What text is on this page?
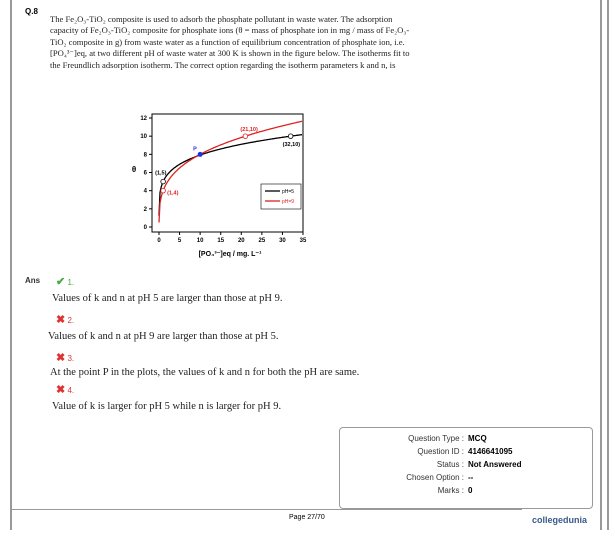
Q.8
The Fe₂O₃-TiO₂ composite is used to adsorb the phosphate pollutant in waste water. The adsorption capacity of Fe₂O₃-TiO₂ composite for phosphate ions (θ = mass of phosphate ion in mg / mass of Fe₂O₃-TiO₂ composite in g) from waste water as a function of equilibrium concentration of phosphate ion, i.e. [PO₄³⁻]eq, at two different pH of waste water at 300 K is shown in the figure below. The isotherms fit to the Freundlich adsorption isotherm. The correct option regarding the isotherm parameters k and n, is
0	5	10 15 20 25 30 35
0
2
4
6
8
10
12
θ
[PO₄³⁻]eq / mg. L⁻¹
pH=5
pH=9
(1,5)
(32,10)
(1,4)
(21,10)
P
Ans ✔ 1.
Values of k and n at pH 5 are larger than those at pH 9.
✖ 2.
Values of k and n at pH 9 are larger than those at pH 5.
✖ 3.
At the point P in the plots, the values of k and n for both the pH are same.
✖ 4.
Value of k is larger for pH 5 while n is larger for pH 9.
Question Type : MCQ
Question ID : 4146641095
Status : Not Answered
Chosen Option : --
Marks : 0
Page 27/70	collegedunia
